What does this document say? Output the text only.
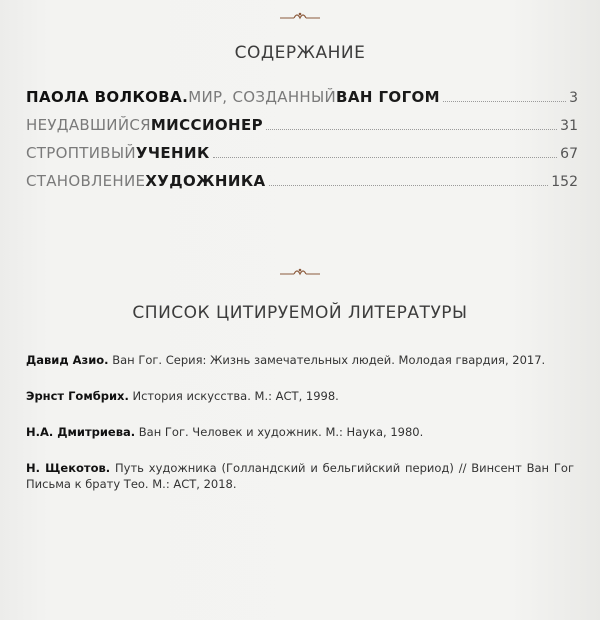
СОДЕРЖАНИЕ
ПАОЛА ВОЛКОВА. МИР, СОЗДАННЫЙ ВАН ГОГОМ	3
НЕУДАВШИЙСЯ МИССИОНЕР	31
СТРОПТИВЫЙ УЧЕНИК	67
СТАНОВЛЕНИЕ ХУДОЖНИКА	152
СПИСОК ЦИТИРУЕМОЙ ЛИТЕРАТУРЫ
Давид Азио. Ван Гог. Серия: Жизнь замечательных людей. Молодая гвардия, 2017.
Эрнст Гомбрих. История искусства. М.: АСТ, 1998.
Н.А. Дмитриева. Ван Гог. Человек и художник. М.: Наука, 1980.
Н. Щекотов. Путь художника (Голландский и бельгийский период) // Винсент Ван Гог
Письма к брату Тео. М.: АСТ, 2018.
